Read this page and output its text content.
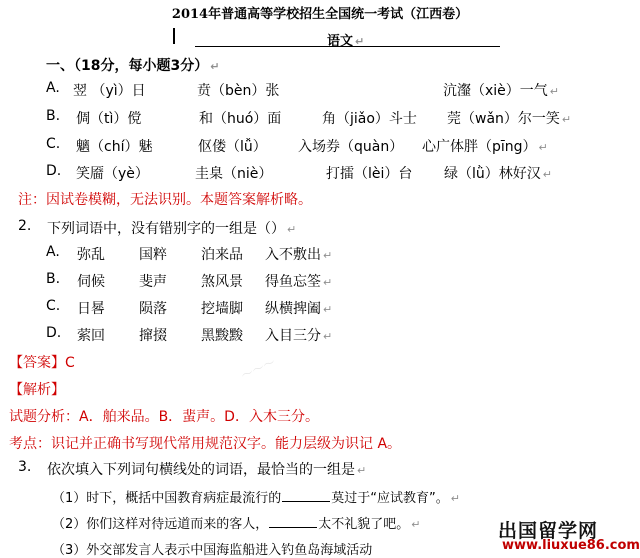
2014年普通高等学校招生全国统一考试（江西卷）
语文 ↵
一、（18分，每小题3分） ↵
A. 翌 （yì）日	贲（bèn）张	沆瀣（xiè）一气 ↵
B. 倜（tì）傥	和（huó）面	角（jiǎo）斗士 莞（wǎn）尔一笑 ↵
C. 魑（chí）魅	伛偻（lǚ） 入场券（quàn） 心广体胖（pīng） ↵
D. 笑靥（yè）	圭臬（niè）	打擂（lèi）台 绿（lǜ）林好汉 ↵
注：因试卷模糊，无法识别。本题答案解析略。
2. 下列词语中，没有错别字的一组是（） ↵
A. 弥乱 国粹 泊来品 入不敷出 ↵
B. 伺候 斐声 煞风景 得鱼忘筌 ↵
C. 日晷 陨落 挖墙脚 纵横捭阖 ↵
D. 萦回 撺掇 黑黢黢 入目三分 ↵
【答案】C
【解析】
试题分析：A．舶来品。B．蜚声。D．入木三分。
考点：识记并正确书写现代常用规范汉字。能力层级为识记 A。
3. 依次填入下列词句横线处的词语，最恰当的一组是 ↵
（1）时下，概括中国教育病症最流行的	莫过于“应试教育”。 ↵
（2）你们这样对待远道而来的客人，	太不礼貌了吧。 ↵
（3）外交部发言人表示中国海监船进入钓鱼岛海域活动
～～～
出国留学网
www.liuxue86.com
